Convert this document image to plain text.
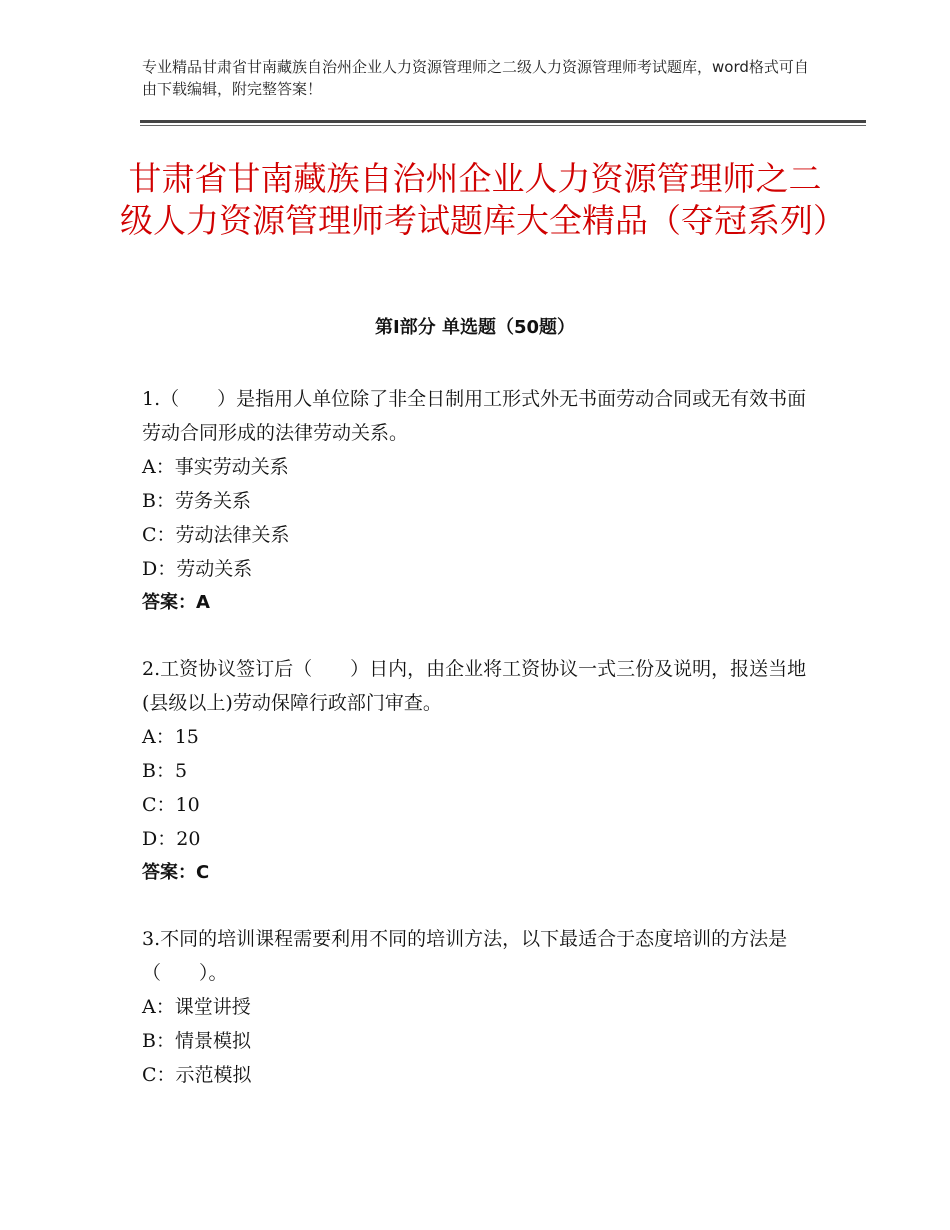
专业精品甘肃省甘南藏族自治州企业人力资源管理师之二级人力资源管理师考试题库，word格式可自由下载编辑，附完整答案！
甘肃省甘南藏族自治州企业人力资源管理师之二级人力资源管理师考试题库大全精品（夺冠系列）
第Ⅰ部分 单选题（50题）
1.（　　）是指用人单位除了非全日制用工形式外无书面劳动合同或无有效书面劳动合同形成的法律劳动关系。
A：事实劳动关系
B：劳务关系
C：劳动法律关系
D：劳动关系
答案：A
2.工资协议签订后（　　）日内，由企业将工资协议一式三份及说明，报送当地(县级以上)劳动保障行政部门审查。
A：15
B：5
C：10
D：20
答案：C
3.不同的培训课程需要利用不同的培训方法，以下最适合于态度培训的方法是（　　）。
A：课堂讲授
B：情景模拟
C：示范模拟
